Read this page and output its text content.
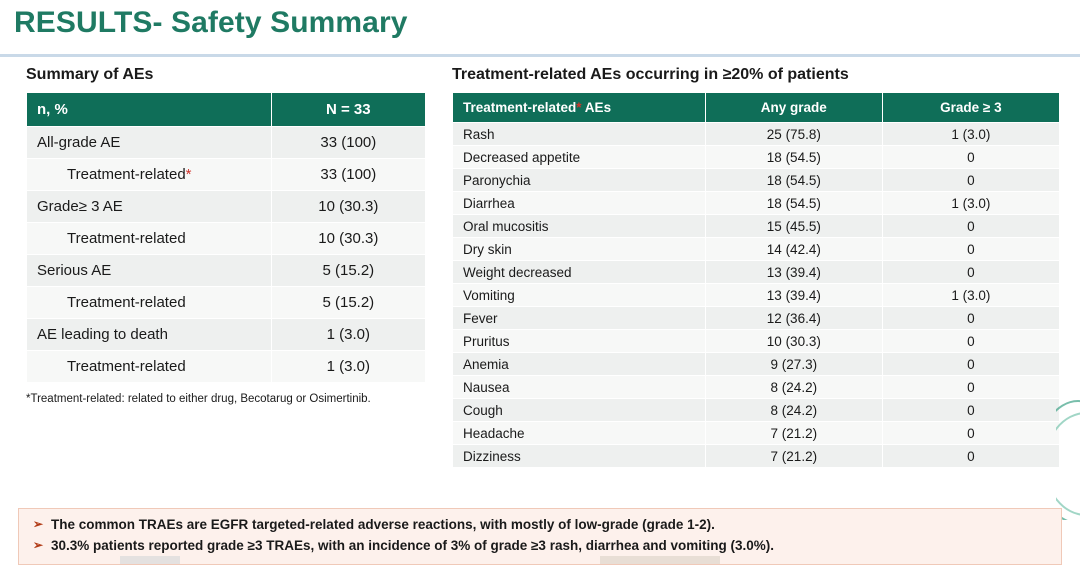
RESULTS- Safety Summary
Summary of AEs
n, %	N = 33
All-grade AE	33 (100)
Treatment-related*	33 (100)
Grade≥ 3 AE	10 (30.3)
Treatment-related	10 (30.3)
Serious AE	5 (15.2)
Treatment-related	5 (15.2)
AE leading to death	1 (3.0)
Treatment-related	1 (3.0)
*Treatment-related: related to either drug, Becotarug or Osimertinib.
Treatment-related AEs occurring in ≥20% of patients
Treatment-related* AEs	Any grade	Grade ≥ 3
Rash	25 (75.8)	1 (3.0)
Decreased appetite	18 (54.5)	0
Paronychia	18 (54.5)	0
Diarrhea	18 (54.5)	1 (3.0)
Oral mucositis	15 (45.5)	0
Dry skin	14 (42.4)	0
Weight decreased	13 (39.4)	0
Vomiting	13 (39.4)	1 (3.0)
Fever	12 (36.4)	0
Pruritus	10 (30.3)	0
Anemia	9 (27.3)	0
Nausea	8 (24.2)	0
Cough	8 (24.2)	0
Headache	7 (21.2)	0
Dizziness	7 (21.2)	0
➢ The common TRAEs are EGFR targeted-related adverse reactions, with mostly of low-grade (grade 1-2).
➢ 30.3% patients reported grade ≥3 TRAEs, with an incidence of 3% of grade ≥3 rash, diarrhea and vomiting (3.0%).
